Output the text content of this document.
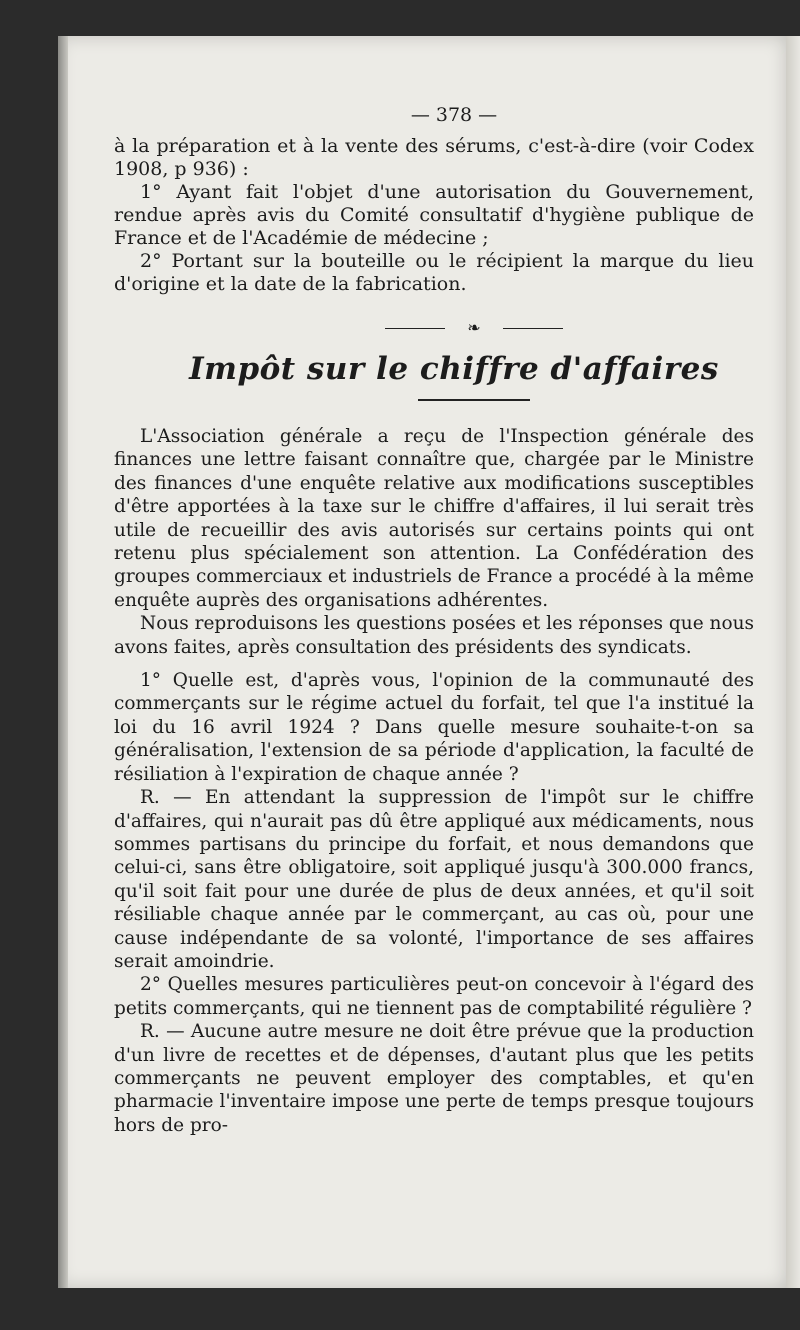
— 378 —

à la préparation et à la vente des sérums, c'est-à-dire (voir Codex 1908, p 936) :

1° Ayant fait l'objet d'une autorisation du Gouvernement, rendue après avis du Comité consultatif d'hygiène publique de France et de l'Académie de médecine ;

2° Portant sur la bouteille ou le récipient la marque du lieu d'origine et la date de la fabrication.

❧
Impôt sur le chiffre d'affaires

L'Association générale a reçu de l'Inspection générale des finances une lettre faisant connaître que, chargée par le Ministre des finances d'une enquête relative aux modifications susceptibles d'être apportées à la taxe sur le chiffre d'affaires, il lui serait très utile de recueillir des avis autorisés sur certains points qui ont retenu plus spécialement son attention. La Confédération des groupes commerciaux et industriels de France a procédé à la même enquête auprès des organisations adhérentes.

Nous reproduisons les questions posées et les réponses que nous avons faites, après consultation des présidents des syndicats.

1° Quelle est, d'après vous, l'opinion de la communauté des commerçants sur le régime actuel du forfait, tel que l'a institué la loi du 16 avril 1924 ? Dans quelle mesure souhaite-t-on sa généralisation, l'extension de sa période d'application, la faculté de résiliation à l'expiration de chaque année ?

R. — En attendant la suppression de l'impôt sur le chiffre d'affaires, qui n'aurait pas dû être appliqué aux médicaments, nous sommes partisans du principe du forfait, et nous demandons que celui-ci, sans être obligatoire, soit appliqué jusqu'à 300.000 francs, qu'il soit fait pour une durée de plus de deux années, et qu'il soit résiliable chaque année par le commerçant, au cas où, pour une cause indépendante de sa volonté, l'importance de ses affaires serait amoindrie.

2° Quelles mesures particulières peut-on concevoir à l'égard des petits commerçants, qui ne tiennent pas de comptabilité régulière ?

R. — Aucune autre mesure ne doit être prévue que la production d'un livre de recettes et de dépenses, d'autant plus que les petits commerçants ne peuvent employer des comptables, et qu'en pharmacie l'inventaire impose une perte de temps presque toujours hors de pro-
